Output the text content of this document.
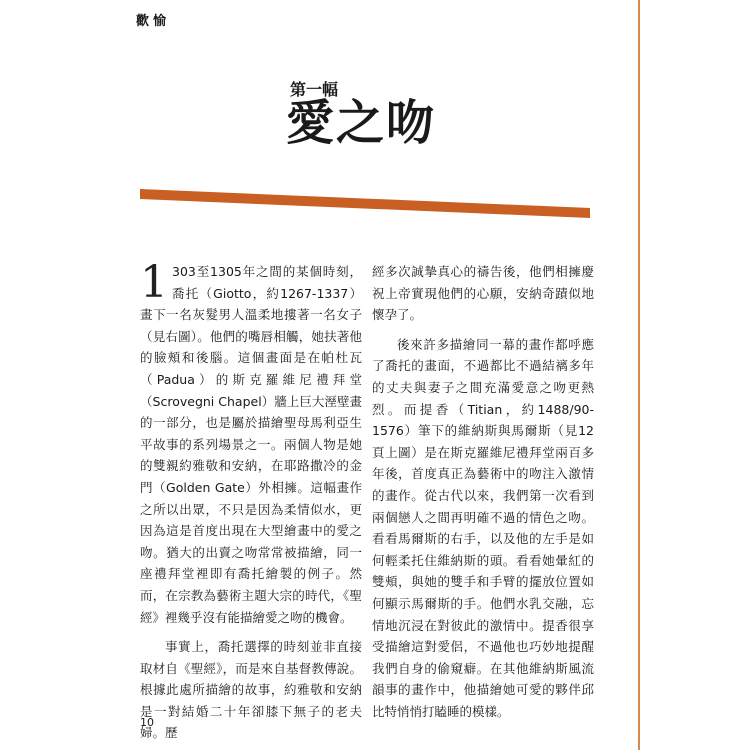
歡愉
第一幅
愛之吻

1 303至1305年之間的某個時刻，喬托（Giotto，約1267-1337）畫下一名灰髮男人溫柔地摟著一名女子（見右圖）。他們的嘴唇相觸，她扶著他的臉頰和後腦。這個畫面是在帕杜瓦（Padua）的斯克羅維尼禮拜堂（Scrovegni Chapel）牆上巨大溼壁畫的一部分，也是屬於描繪聖母馬利亞生平故事的系列場景之一。兩個人物是她的雙親約雅敬和安納，在耶路撒冷的金門（Golden Gate）外相擁。這幅畫作之所以出眾，不只是因為柔情似水，更因為這是首度出現在大型繪畫中的愛之吻。猶大的出賣之吻常常被描繪，同一座禮拜堂裡即有喬托繪製的例子。然而，在宗教為藝術主題大宗的時代，《聖經》裡幾乎沒有能描繪愛之吻的機會。

事實上，喬托選擇的時刻並非直接取材自《聖經》，而是來自基督教傳說。根據此處所描繪的故事，約雅敬和安納是一對結婚二十年卻膝下無子的老夫婦。歷

經多次誠摯真心的禱告後，他們相擁慶祝上帝實現他們的心願，安納奇蹟似地懷孕了。

後來許多描繪同一幕的畫作都呼應了喬托的畫面，不過都比不過結褵多年的丈夫與妻子之間充滿愛意之吻更熱烈。而提香（Titian，約1488/90-1576）筆下的維納斯與馬爾斯（見12頁上圖）是在斯克羅維尼禮拜堂兩百多年後，首度真正為藝術中的吻注入激情的畫作。從古代以來，我們第一次看到兩個戀人之間再明確不過的情色之吻。看看馬爾斯的右手，以及他的左手是如何輕柔托住維納斯的頭。看看她暈紅的雙頰，與她的雙手和手臂的擺放位置如何顯示馬爾斯的手。他們水乳交融，忘情地沉浸在對彼此的激情中。提香很享受描繪這對愛侶，不過他也巧妙地提醒我們自身的偷窺癖。在其他維納斯風流韻事的畫作中，他描繪她可愛的夥伴邱比特悄悄打瞌睡的模樣。

10
